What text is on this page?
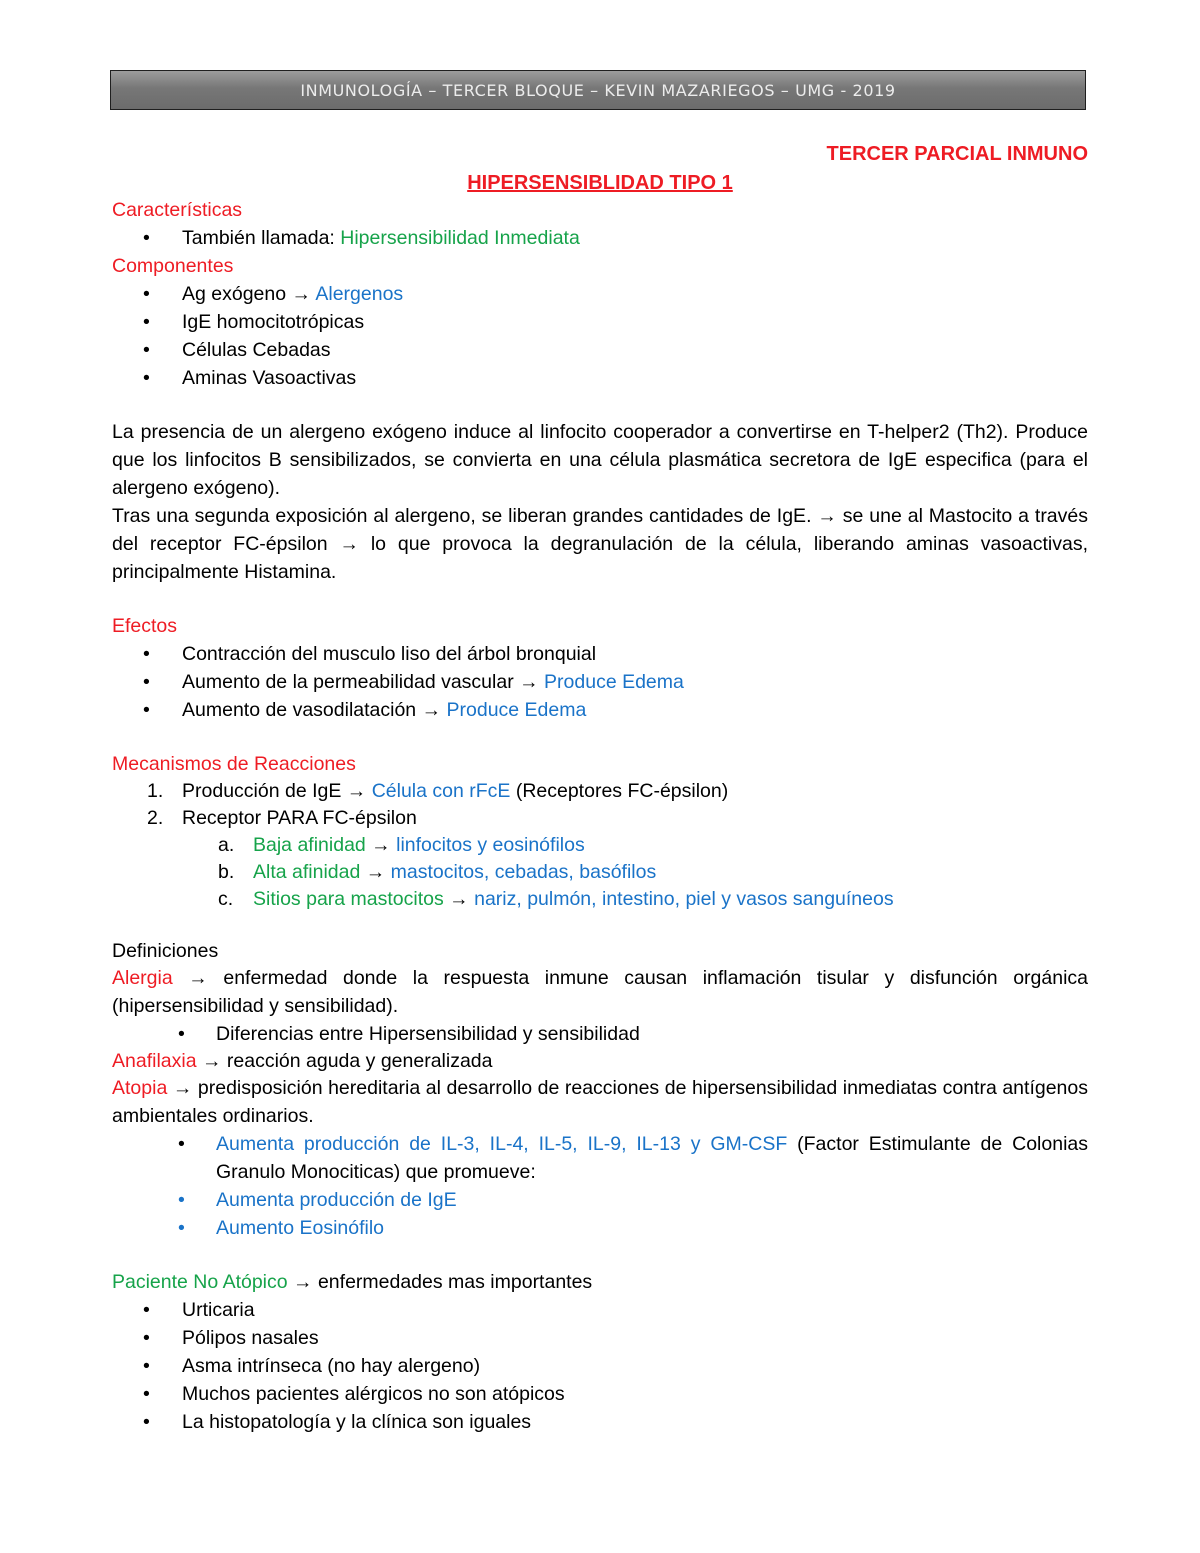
INMUNOLOGÍA – TERCER BLOQUE – KEVIN MAZARIEGOS – UMG - 2019
TERCER PARCIAL INMUNO
HIPERSENSIBLIDAD TIPO 1
Características
• También llamada: Hipersensibilidad Inmediata
Componentes
• Ag exógeno → Alergenos
• IgE homocitotrópicas
• Células Cebadas
• Aminas Vasoactivas
La presencia de un alergeno exógeno induce al linfocito cooperador a convertirse en T-helper2 (Th2). Produce que los linfocitos B sensibilizados, se convierta en una célula plasmática secretora de IgE especifica (para el alergeno exógeno).
Tras una segunda exposición al alergeno, se liberan grandes cantidades de IgE. → se une al Mastocito a través del receptor FC-épsilon → lo que provoca la degranulación de la célula, liberando aminas vasoactivas, principalmente Histamina.
Efectos
• Contracción del musculo liso del árbol bronquial
• Aumento de la permeabilidad vascular → Produce Edema
• Aumento de vasodilatación → Produce Edema
Mecanismos de Reacciones
1. Producción de IgE → Célula con rFcE (Receptores FC-épsilon)
2. Receptor PARA FC-épsilon
a. Baja afinidad → linfocitos y eosinófilos
b. Alta afinidad → mastocitos, cebadas, basófilos
c. Sitios para mastocitos → nariz, pulmón, intestino, piel y vasos sanguíneos
Definiciones
Alergia → enfermedad donde la respuesta inmune causan inflamación tisular y disfunción orgánica (hipersensibilidad y sensibilidad).
• Diferencias entre Hipersensibilidad y sensibilidad
Anafilaxia → reacción aguda y generalizada
Atopia → predisposición hereditaria al desarrollo de reacciones de hipersensibilidad inmediatas contra antígenos ambientales ordinarios.
• Aumenta producción de IL-3, IL-4, IL-5, IL-9, IL-13 y GM-CSF (Factor Estimulante de Colonias Granulo Monociticas) que promueve:
• Aumenta producción de IgE
• Aumento Eosinófilo
Paciente No Atópico → enfermedades mas importantes
• Urticaria
• Pólipos nasales
• Asma intrínseca (no hay alergeno)
• Muchos pacientes alérgicos no son atópicos
• La histopatología y la clínica son iguales
